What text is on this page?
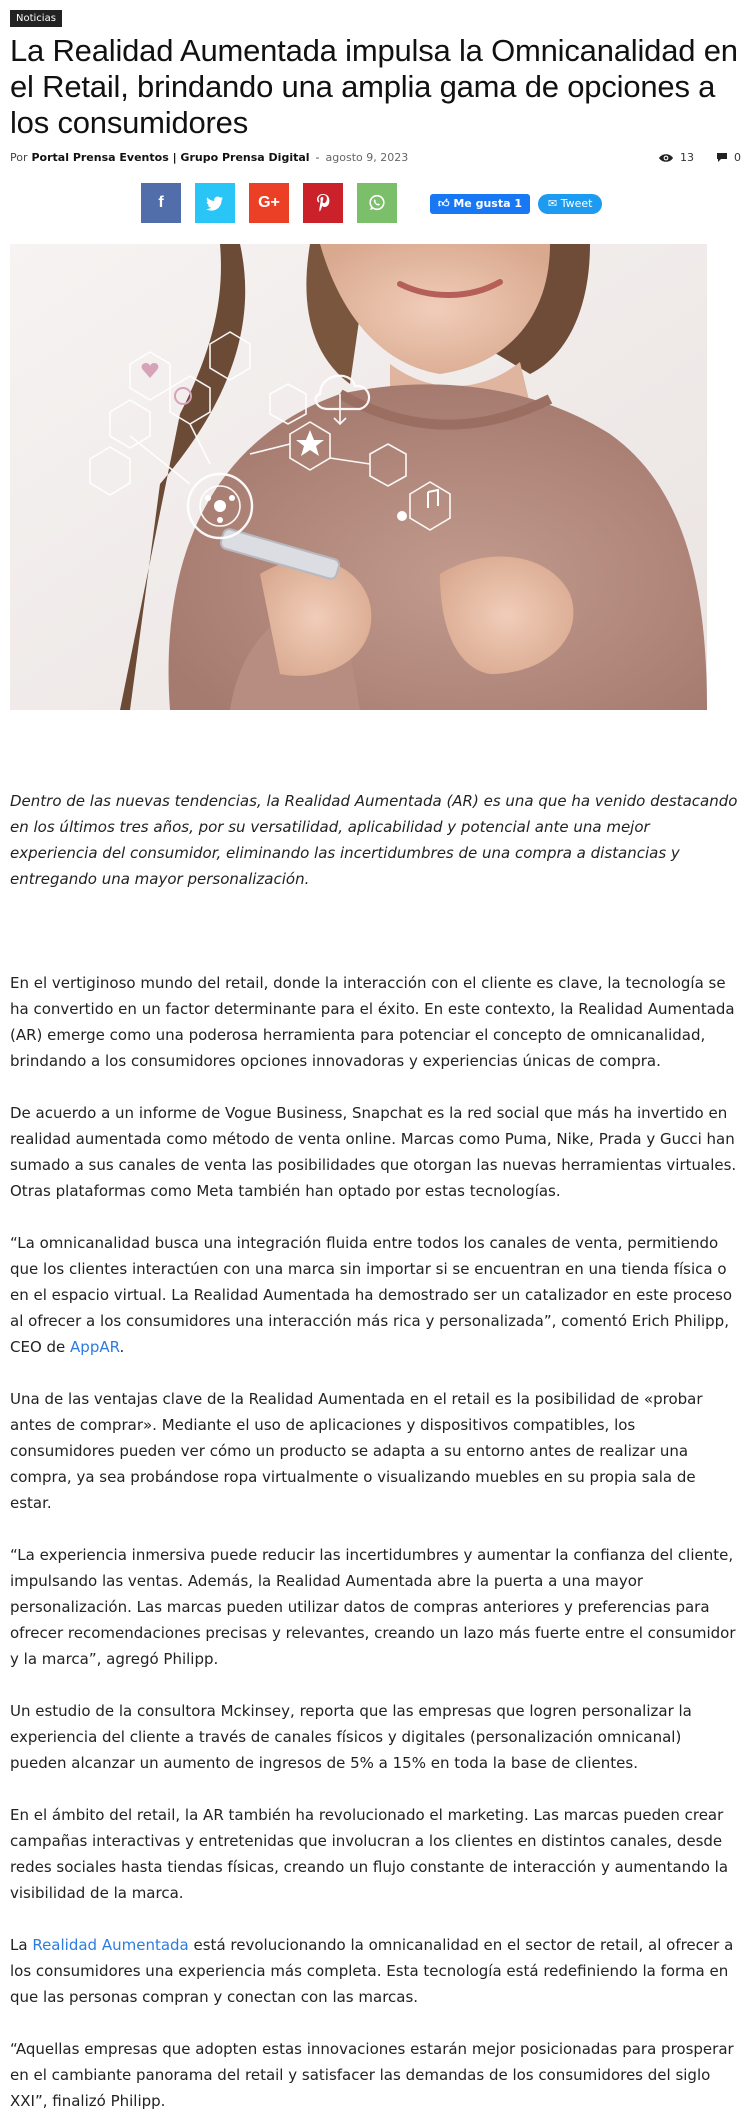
Noticias
La Realidad Aumentada impulsa la Omnicanalidad en el Retail, brindando una amplia gama de opciones a los consumidores
Por Portal Prensa Eventos | Grupo Prensa Digital - agosto 9, 2023	13	0
f	G+	👍︎ Me gusta 1	✉︎ Tweet

Dentro de las nuevas tendencias, la Realidad Aumentada (AR) es una que ha venido destacando en los últimos tres años, por su versatilidad, aplicabilidad y potencial ante una mejor experiencia del consumidor, eliminando las incertidumbres de una compra a distancias y entregando una mayor personalización.

En el vertiginoso mundo del retail, donde la interacción con el cliente es clave, la tecnología se ha convertido en un factor determinante para el éxito. En este contexto, la Realidad Aumentada (AR) emerge como una poderosa herramienta para potenciar el concepto de omnicanalidad, brindando a los consumidores opciones innovadoras y experiencias únicas de compra.

De acuerdo a un informe de Vogue Business, Snapchat es la red social que más ha invertido en realidad aumentada como método de venta online. Marcas como Puma, Nike, Prada y Gucci han sumado a sus canales de venta las posibilidades que otorgan las nuevas herramientas virtuales. Otras plataformas como Meta también han optado por estas tecnologías.

“La omnicanalidad busca una integración fluida entre todos los canales de venta, permitiendo que los clientes interactúen con una marca sin importar si se encuentran en una tienda física o en el espacio virtual. La Realidad Aumentada ha demostrado ser un catalizador en este proceso al ofrecer a los consumidores una interacción más rica y personalizada”, comentó Erich Philipp, CEO de AppAR.

Una de las ventajas clave de la Realidad Aumentada en el retail es la posibilidad de «probar antes de comprar». Mediante el uso de aplicaciones y dispositivos compatibles, los consumidores pueden ver cómo un producto se adapta a su entorno antes de realizar una compra, ya sea probándose ropa virtualmente o visualizando muebles en su propia sala de estar.

“La experiencia inmersiva puede reducir las incertidumbres y aumentar la confianza del cliente, impulsando las ventas. Además, la Realidad Aumentada abre la puerta a una mayor personalización. Las marcas pueden utilizar datos de compras anteriores y preferencias para ofrecer recomendaciones precisas y relevantes, creando un lazo más fuerte entre el consumidor y la marca”, agregó Philipp.

Un estudio de la consultora Mckinsey, reporta que las empresas que logren personalizar la experiencia del cliente a través de canales físicos y digitales (personalización omnicanal) pueden alcanzar un aumento de ingresos de 5% a 15% en toda la base de clientes.

En el ámbito del retail, la AR también ha revolucionado el marketing. Las marcas pueden crear campañas interactivas y entretenidas que involucran a los clientes en distintos canales, desde redes sociales hasta tiendas físicas, creando un flujo constante de interacción y aumentando la visibilidad de la marca.

La Realidad Aumentada está revolucionando la omnicanalidad en el sector de retail, al ofrecer a los consumidores una experiencia más completa. Esta tecnología está redefiniendo la forma en que las personas compran y conectan con las marcas.

“Aquellas empresas que adopten estas innovaciones estarán mejor posicionadas para prosperar en el cambiante panorama del retail y satisfacer las demandas de los consumidores del siglo XXI”, finalizó Philipp.
